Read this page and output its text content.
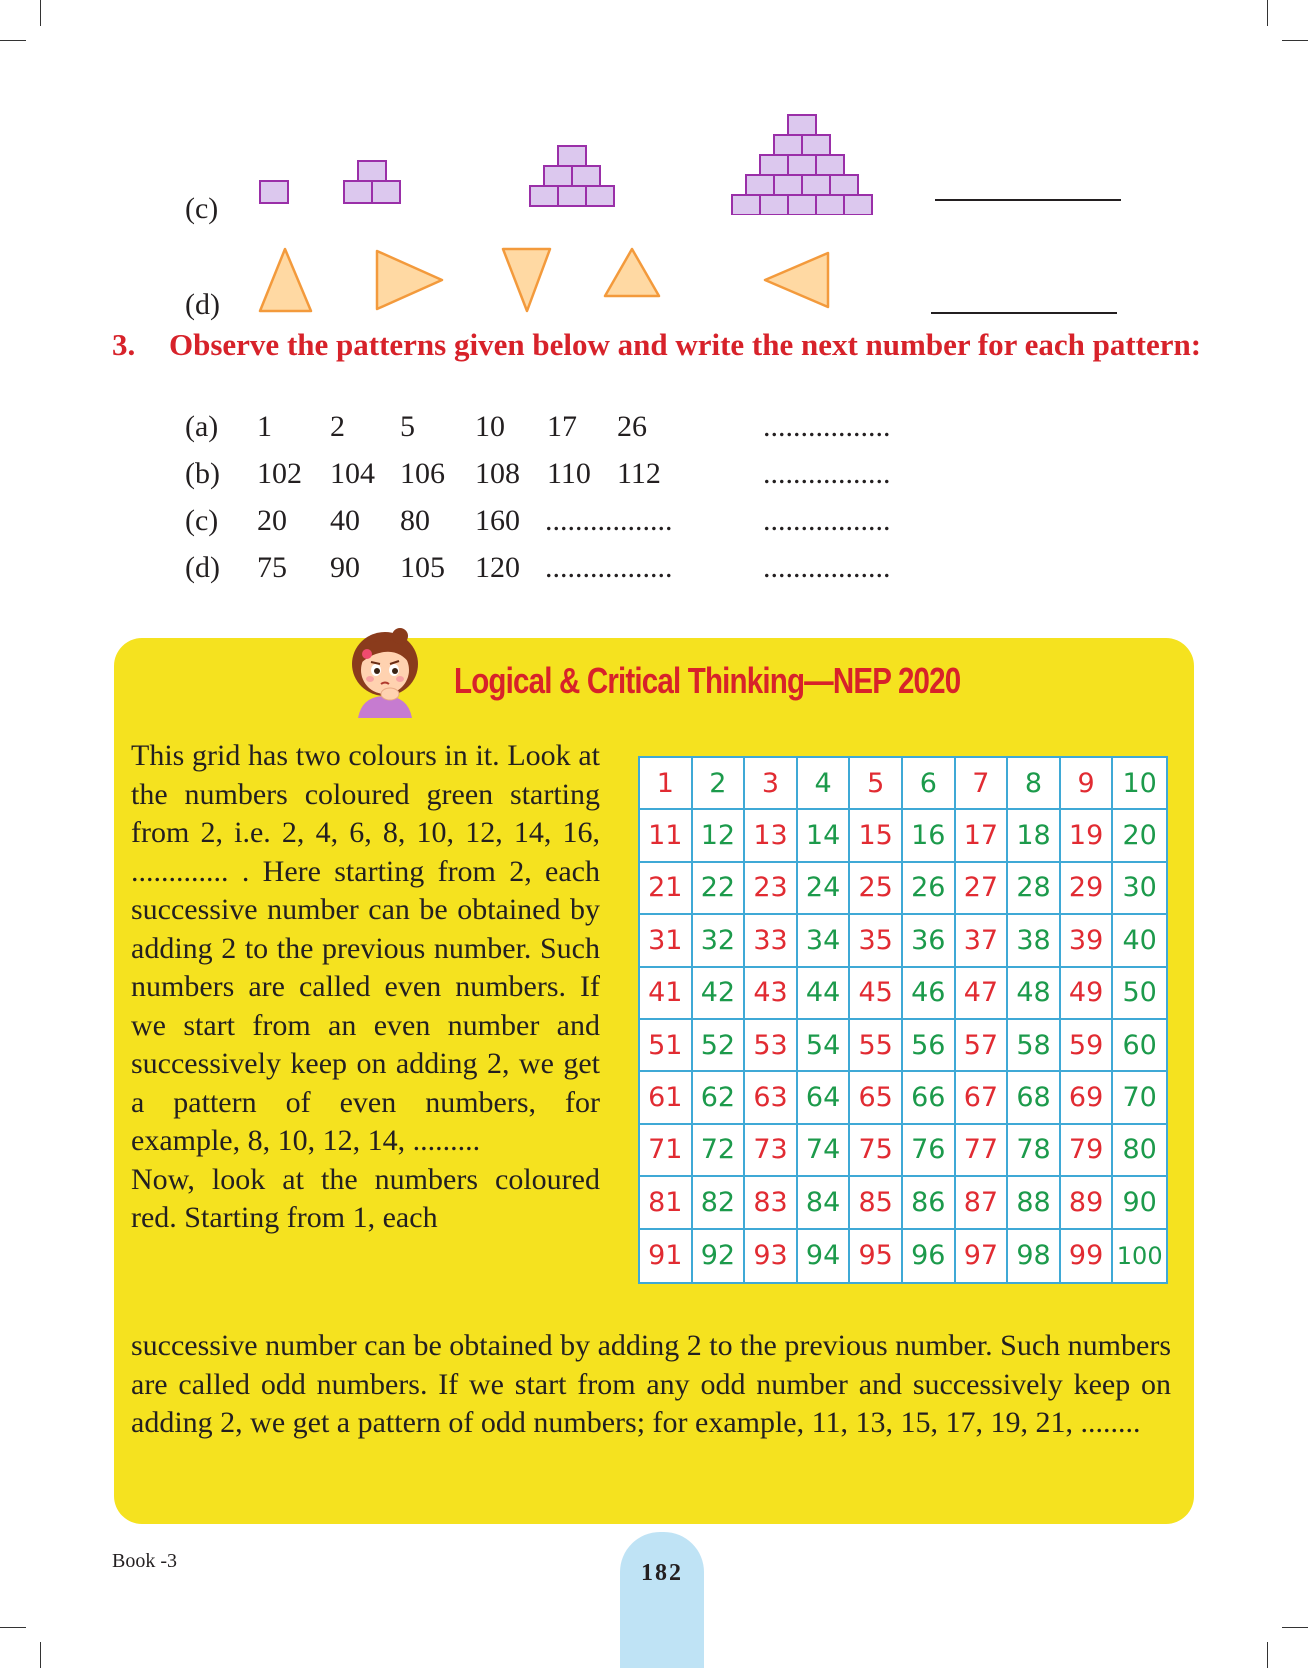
(c)
(d)
3. Observe the patterns given below and write the next number for each pattern:
(a) 1 2 5 10 17 26	.................
(b) 102 104 106 108 110 112	.................
(c) 20 40 80 160 .................	.................
(d) 75 90 105 120 .................	.................
Logical & Critical Thinking—NEP 2020

This grid has two colours in it. Look at the numbers coloured green starting from 2, i.e. 2, 4, 6, 8, 10, 12, 14, 16, ............. . Here starting from 2, each successive number can be obtained by adding 2 to the previous number. Such numbers are called even numbers. If we start from an even number and successively keep on adding 2, we get a pattern of even numbers, for example, 8, 10, 12, 14, .........

Now, look at the numbers coloured red. Starting from 1, each

1	2	3	4	5	6	7	8	9	10
11 12 13 14 15 16 17 18 19 20
21 22 23 24 25 26 27 28 29 30
31 32 33 34 35 36 37 38 39 40
41 42 43 44 45 46 47 48 49 50
51 52 53 54 55 56 57 58 59 60
61 62 63 64 65 66 67 68 69 70
71 72 73 74 75 76 77 78 79 80
81 82 83 84 85 86 87 88 89 90
91 92 93 94 95 96 97 98 99 100
successive number can be obtained by adding 2 to the previous number. Such numbers are called odd numbers. If we start from any odd number and successively keep on adding 2, we get a pattern of odd numbers; for example, 11, 13, 15, 17, 19, 21, ........
Book -3	182
